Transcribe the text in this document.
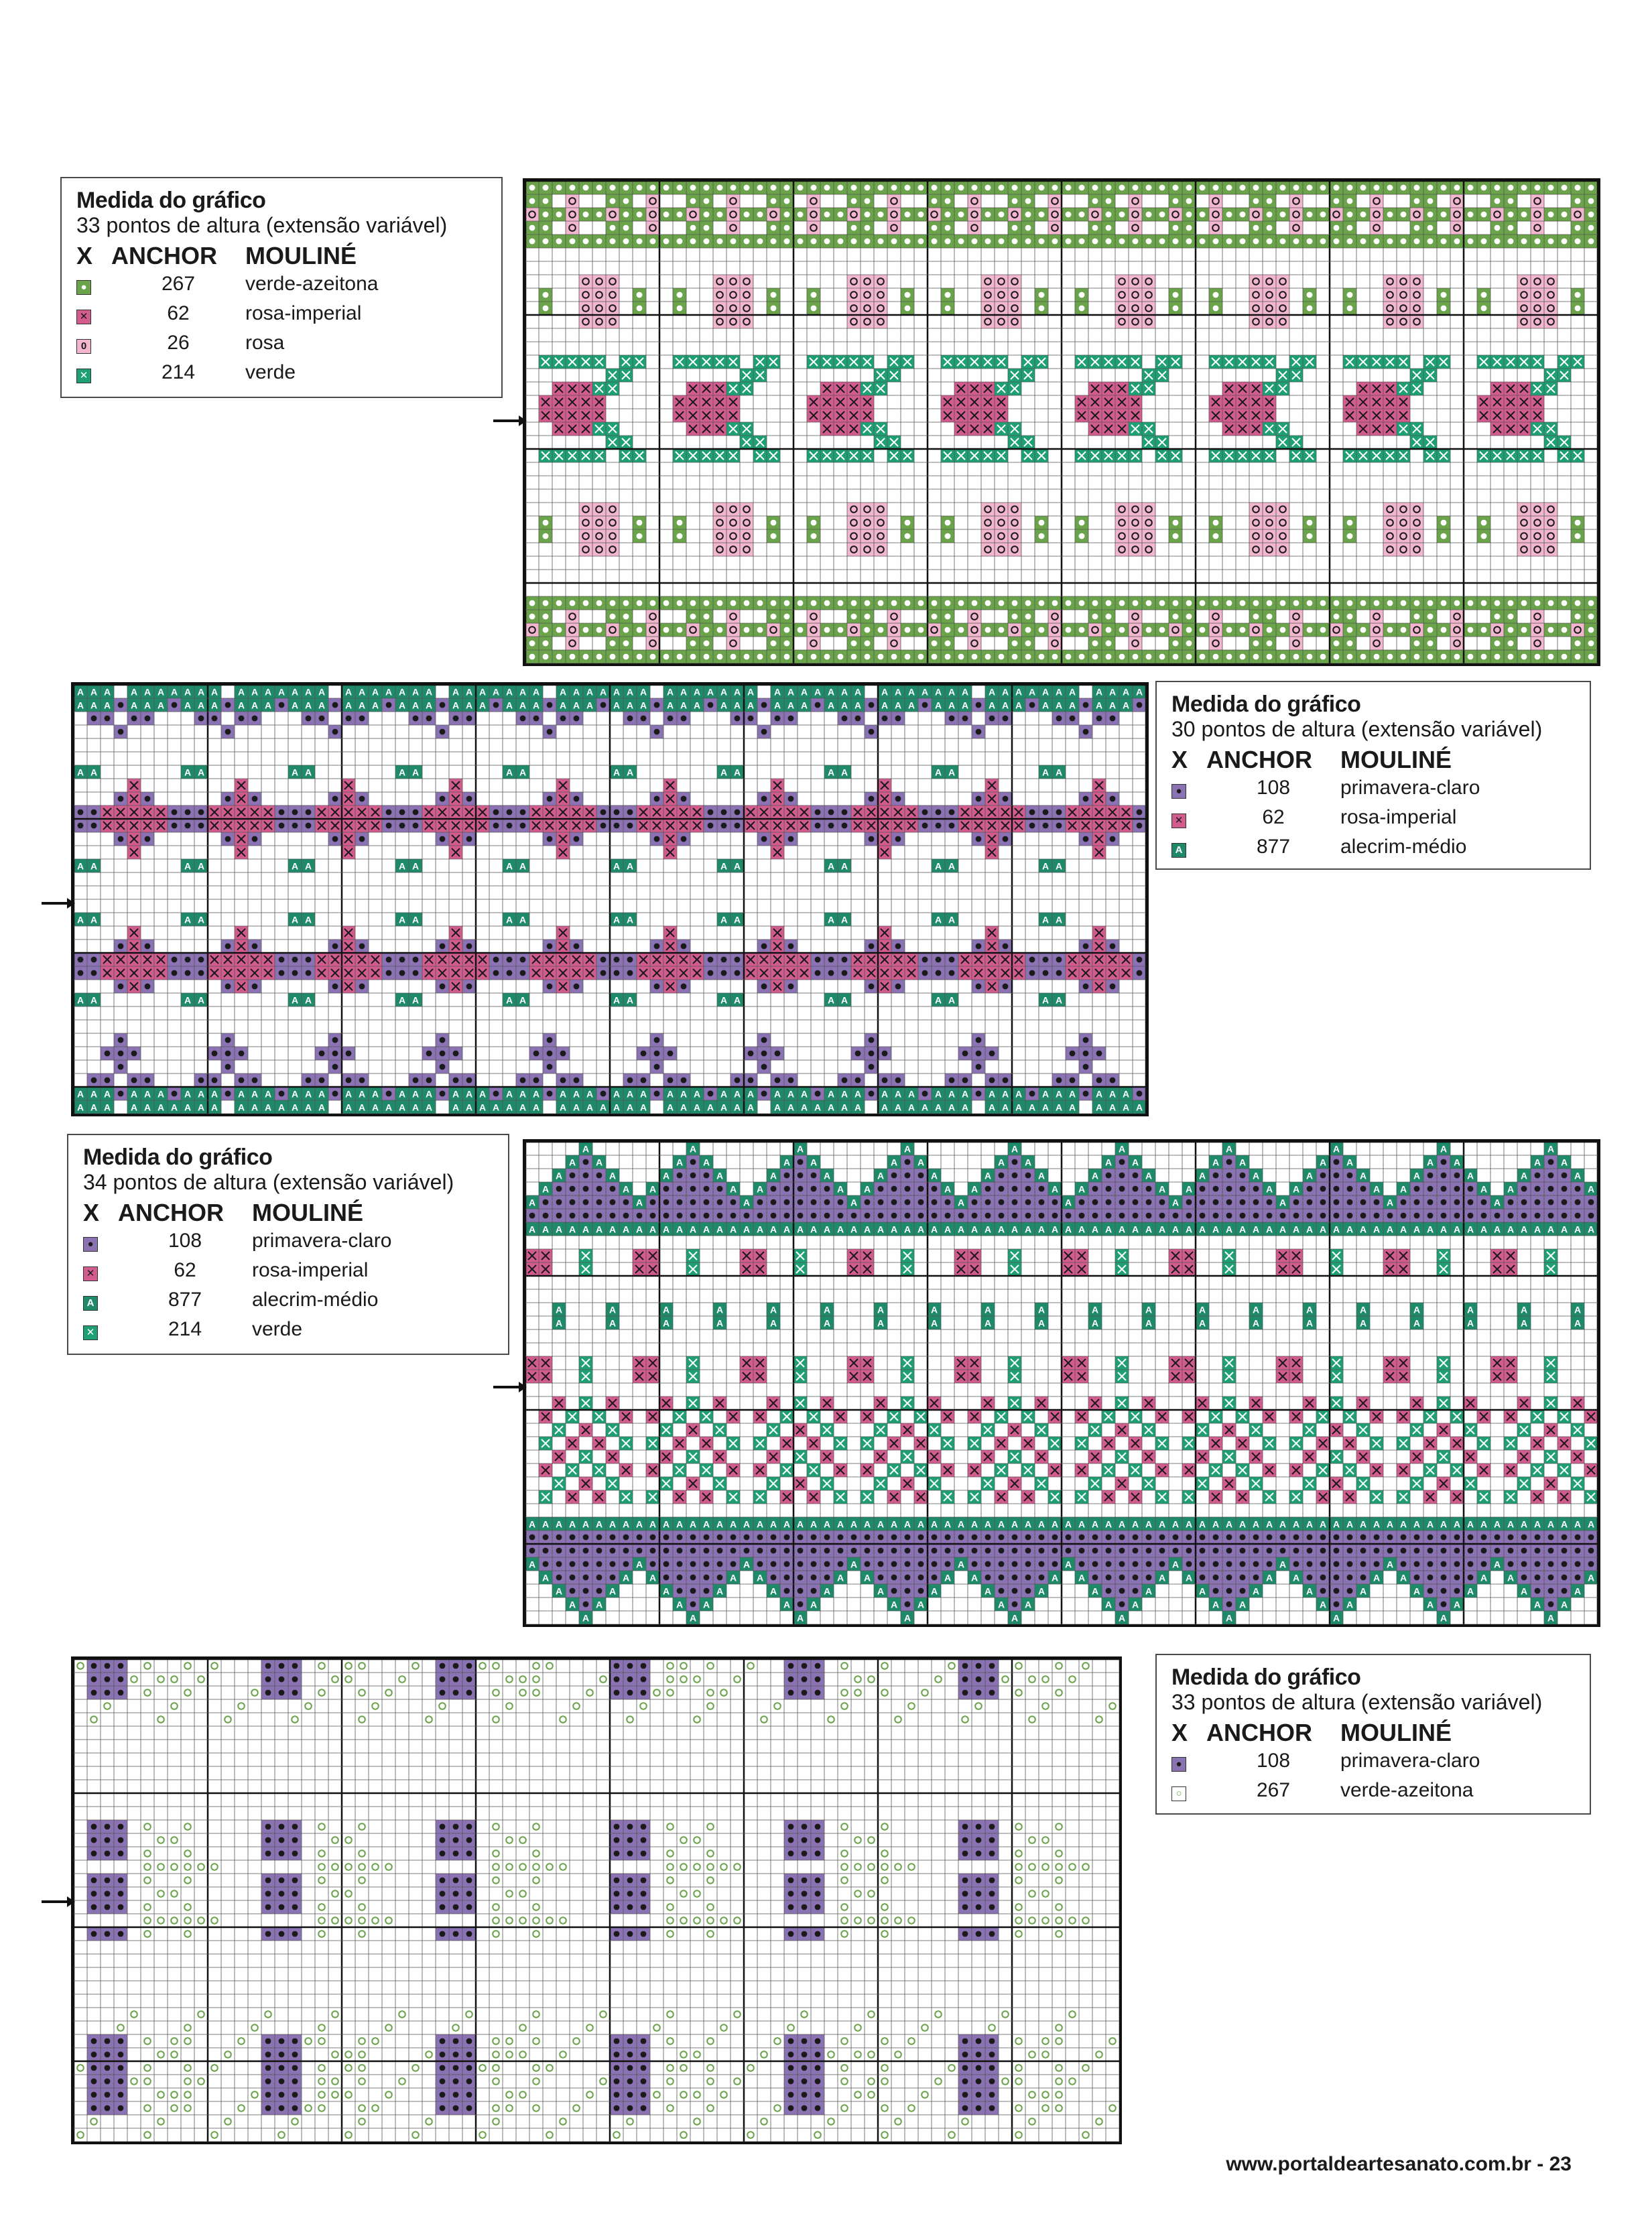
Medida do gráfico
33 pontos de altura (extensão variável)
X ANCHOR	MOULINÉ
●	267	verde-azeitona
✕	62	rosa-imperial
0	26	rosa
✕	214	verde
A A A A A A A A A A A A A A A A A A A A A A A A A A A A A A A A A A A A A A A A A A A A A A A A A A A A A A A A A A A A A A A A A A A A A A
A A A A A A A A A A A A A A A A A A A A A A A A A A A A A A A A A A A A A A A A A A A A A A A A A A A A A A A A A A A A
A A	A A	A A	A A	A A	A A	A A	A A	A A	A A
A A	A A	A A	A A	A A	A A	A A	A A	A A	A A
A A	A A	A A	A A	A A	A A	A A	A A	A A	A A
A A	A A	A A	A A	A A	A A	A A	A A	A A	A A
A A A A A A A A A A A A A A A A A A A A A A A A A A A A A A A A A A A A A A A A A A A A A A A A A A A A A A A A A A A A
A A A A A A A A A A A A A A A A A A A A A A A A A A A A A A A A A A A A A A A A A A A A A A A A A A A A A A A A A A A A A A A A A A A A A A
Medida do gráfico
30 pontos de altura (extensão variável)
X ANCHOR	MOULINÉ
●	108	primavera-claro
✕	62	rosa-imperial
A	877	alecrim-médio
Medida do gráfico
34 pontos de altura (extensão variável)
X ANCHOR	MOULINÉ
●	108	primavera-claro
✕	62	rosa-imperial
A	877	alecrim-médio
✕	214	verde
A	A	A	A	A	A	A	A	A	A
A A	A A	A A	A A	A A	A A	A A	A A	A A	A A
A	A	A	A	A	A	A	A	A	A	A	A	A	A	A	A	A	A	A	A
A	A A	A A	A A	A A	A A	A A	A A	A A	A A	A
A	A	A	A	A	A	A	A	A	A
A A A A A A A A A A A A A A A A A A A A A A A A A A A A A A A A A A A A A A A A A A A A A A A A A A A A A A A A A A A A A A A A A A A A A A A A A A A A A A A A
A	A	A	A	A	A	A	A	A	A	A	A	A	A	A	A	A	A	A	A
A	A	A	A	A	A	A	A	A	A	A	A	A	A	A	A	A	A	A	A
A A A A A A A A A A A A A A A A A A A A A A A A A A A A A A A A A A A A A A A A A A A A A A A A A A A A A A A A A A A A A A A A A A A A A A A A A A A A A A A A
A	A	A	A	A	A	A	A	A	A
A	A A	A A	A A	A A	A A	A A	A A	A A	A A	A
A	A	A	A	A	A	A	A	A	A	A	A	A	A	A	A	A	A	A	A
A A	A A	A A	A A	A A	A A	A A	A A	A A	A A
A	A	A	A	A	A	A	A	A	A
Medida do gráfico
33 pontos de altura (extensão variável)
X ANCHOR	MOULINÉ
●	108	primavera-claro
○	267	verde-azeitona
www.portaldeartesanato.com.br - 23
